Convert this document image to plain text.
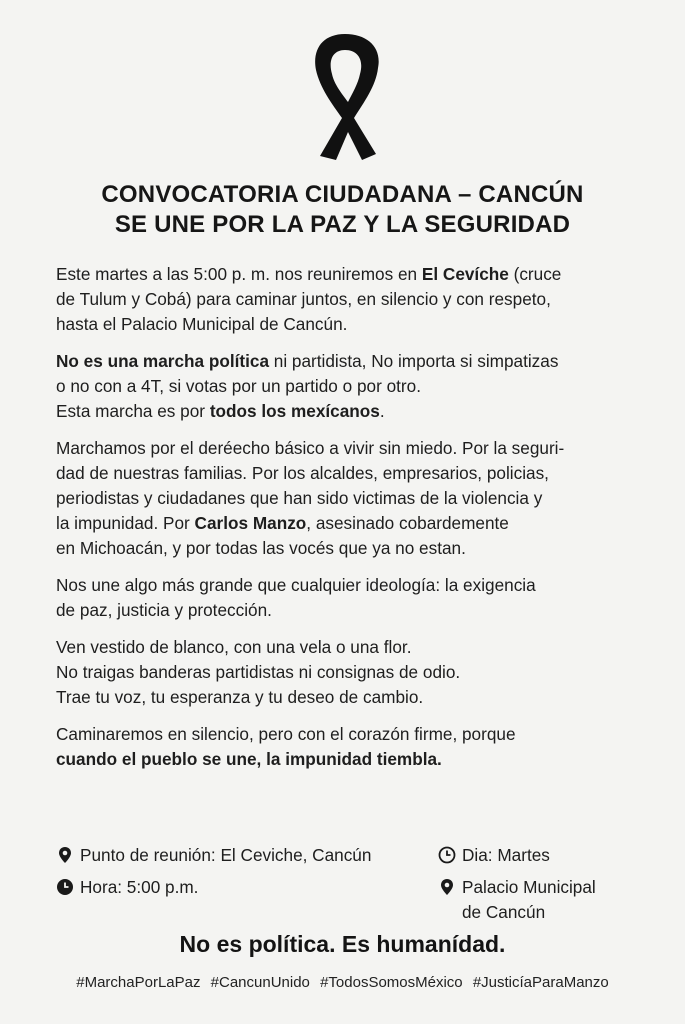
CONVOCATORIA CIUDADANA – CANCÚN
SE UNE POR LA PAZ Y LA SEGURIDAD

Este martes a las 5:00 p. m. nos reuniremos en El Cevíche (cruce
de Tulum y Cobá) para caminar juntos, en silencio y con respeto,
hasta el Palacio Municipal de Cancún.

No es una marcha política ni partidista, No importa si simpatizas
o no con a 4T, si votas por un partido o por otro.
Esta marcha es por todos los mexícanos.

Marchamos por el deréecho básico a vivir sin miedo. Por la seguri-
dad de nuestras familias. Por los alcaldes, empresarios, policias,
periodistas y ciudadanes que han sido victimas de la violencia y
la impunidad. Por Carlos Manzo, asesinado cobardemente
en Michoacán, y por todas las vocés que ya no estan.

Nos une algo más grande que cualquier ideología: la exigencia
de paz, justicia y protección.

Ven vestido de blanco, con una vela o una flor.
No traigas banderas partidistas ni consignas de odio.
Trae tu voz, tu esperanza y tu deseo de cambio.

Caminaremos en silencio, pero con el corazón firme, porque
cuando el pueblo se une, la impunidad tiembla.

Punto de reunión: El Ceviche, Cancún	Dia: Martes
Hora: 5:00 p.m.	Palacio Municipal
de Cancún
No es política. Es humanídad.
#MarchaPorLaPaz #CancunUnido #TodosSomosMéxico #JusticíaParaManzo
